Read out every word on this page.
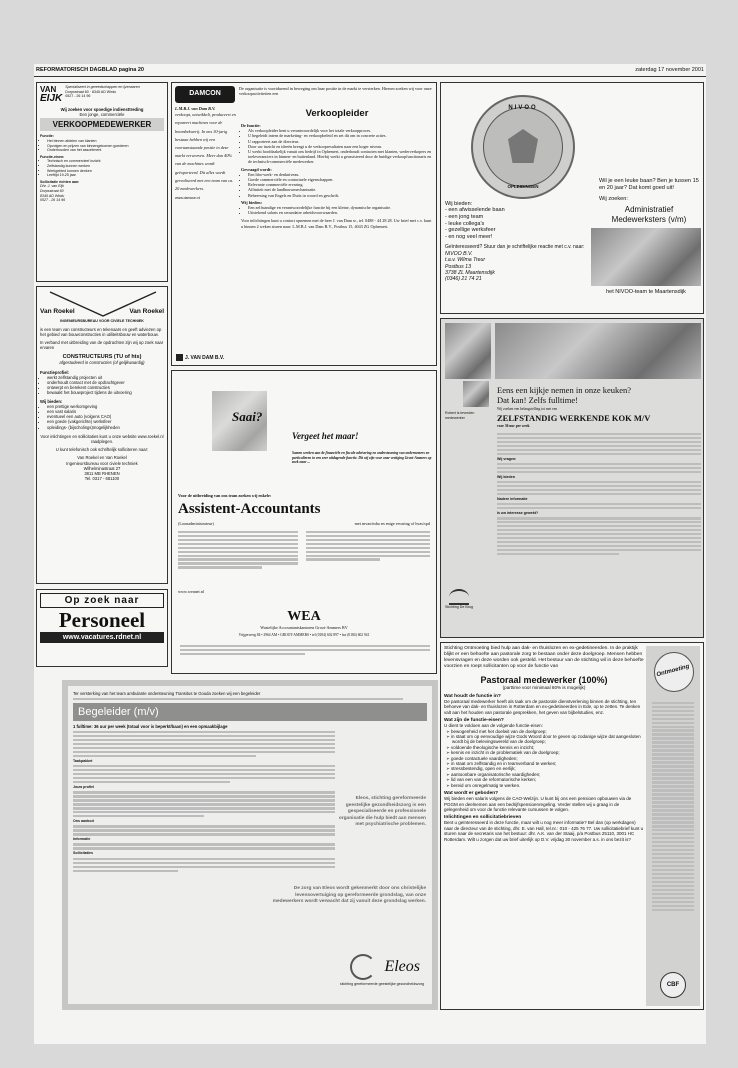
REFORMATORISCH DAGBLAD pagina 20	zaterdag 17 november 2001
VAN
EIJK
Specialiseert in gereedschappen en ijzerwaren
Dorpsstraat 60 · 8345 AD Wirdu
0527 - 26 14 96
Wij zoeken voor spoedige indiensttreding
Een jonge, commerciële
VERKOOPMEDEWERKER
Functie:
• Het binnen afdelen van klanten
• Opvolgen en prijzen van binnengekomen goederen
• Onderhouden van het assortiment
Functie-eisen:
• Technisch en commercieel inzicht
• Zelfstandig kunnen werken
• Werkgebied kunnen denken
• Leeftijd 19-25 jaar
Sollicitatie richten aan:
Dhr. J. van Eijk
Dorpsstraat 60
8345 AD Wirdu
0527 - 26 14 96
DAMCON
De organisatie is voortdurend in beweging om haar positie in de markt te versterken. Hierom zoeken wij voor onze verkoopactiviteiten een
L.M.B.J. van Dam B.V.
verkoopt, ontwikkelt, produceert en repareert machines voor de boombekwerij. In ons 30-jarig bestaan hebben wij een vooraanstaande positie in deze markt verworven. Meer dan 40% van de machines wordt geëxporteerd. Dit alles wordt gerealiseerd met een team van ca. 20 medewerkers.
www.damcon.nl
Verkoopleider
De functie:
• Als verkoopleider bent u verantwoordelijk voor het totale verkoopproces.
• U begeleidt intern de marketing- en verkoopbeleid en zet dit om in concrete acties.
• U rapporteert aan de directeur.
• Door uw inzicht en ideeën brengt u de verkoopresultaten naar een hoger niveau.
• U werkt hoofdzakelijk vanuit ons bedrijf in Ophemert, onderhoudt contacten met klanten, wederverkopers en toeleveranciers in binnen- en buitenland. Hierbij werkt u geassisteerd door de huidige verkoopfunctionaris en de technisch-commerciële medewerker.
Gevraagd wordt:
• Een hbo-werk- en denkniveau.
• Goede commerciële en contactuele eigenschappen.
• Relevante commerciële ervaring.
• Affiniteit met de landbouwmechanisatie.
• Beheersing van Engels en Duits in woord en geschrift.
Wij bieden:
• Een zelfstandige en verantwoordelijke functie bij een kleine, dynamische organisatie.
• Uitstekend salaris en secundaire arbeidsvoorwaarden.
Voor inlichtingen kunt u contact opnemen met de heer J. van Dam sr., tel. 0488 - 44 28 28. Uw brief met c.v. kunt u binnen 2 weken sturen naar: L.M.B.J. van Dam B.V., Postbus 15, 4043 ZG Ophemert.
J. VAN DAM B.V.
NIVOO
OPLEIDINGEN
Wij bieden:
- een afwisselende baan
- een jong team
- leuke collega's
- gezellige werksfeer
- en nog veel meer!
Geïnteresseerd? Stuur dan je schriftelijke reactie met c.v. naar:
NIVOO B.V.
t.a.v. Wilma Treur
Postbus 13
3738 ZL Maartensdijk
(0346) 21 74 21
Wil je een leuke baan? Ben je tussen 15 en 20 jaar? Dat komt goed uit!
Wij zoeken:
Administratief Medewerksters (v/m)
het NIVOO-team te Maartensdijk
Van Roekel	Van Roekel
INGENIEURSBUREAU VOOR CIVIELE TECHNIEK
is een team van constructeurs en tekenaars en geeft adviezen op het gebied van bouwconstructies in utiliteitsbouw en waterbouw.
In verband met uitbreiding van de opdrachten zijn wij op zoek naar ervaren
CONSTRUCTEURS (TU of hts)
afgestudeerd in constructies (of gelijkwaardig)
Functieprofiel:
• werkt zelfstandig projecten uit
• onderhoudt contact met de opdrachtgever
• ontwerpt en berekent constructies
• bewaakt het bouwproject tijdens de uitvoering
Wij bieden:
• een prettige werkomgeving
• een vast salaris
• eventueel een auto (volgens CAO)
• een goede (vakgerichte) werksfeer
• opleidings- (bijscholings)mogelijkheden
Voor inlichtingen en sollicitaties kunt u onze website www.roekel.nl raadplegen.
U kunt telefonisch ook schriftelijk solliciteren naar:
Van Roekel en Van Roekel
Ingenieursbureau voor civiele techniek
Wilhelminastraat 27
3811 MB RHENEN
Tel. 0317 - 681100
Op zoek naar
Personeel
www.vacatures.rdnet.nl
Saai?
Vergeet het maar!
Samen werken aan de financiële en fiscale advisering en ondersteuning van ondernemers en particulieren in een zeer uitdagende functie. Dit wij zijn voor onze vestiging Groot-Ammers op zoek naar ...
Voor de uitbreiding van ons team zoeken wij enkele:
Assistent-Accountants
(Loonadministrateur)	met mvao/mba en enige ervaring of hvas/spd
www.weanet.nl
WEA
Wastelijke Accountantskantoren Groot-Ammers BV
Vrijgerwerg 84 • 2964 AM • GROOT-AMMERS • tel (0184) 602 897 • fax (0184) 602 941
Robert is tevreden medewerker
Eens een kijkje nemen in onze keuken?
Dat kan! Zelfs fulltime!
Wij zoeken een belangstelling tot met een
ZELFSTANDIG WERKENDE KOK M/V
voor 36 uur per week
Wij vragen:
Wij bieden
Nadere informatie
Is uw interesse gewekt?
Stichting De Brug
Ter versterking van het team ambulante ondersteuning Transitus te Gouda zoeken wij een begeleider
Begeleider (m/v)
1 fulltime: 36 uur per week (totaal voor is beperkt/baan) en een opmaakbijlage
Taakpakket
Jouw profiel
Ons aanbod
Informatie
Sollicitaties
Eleos, stichting gereformeerde geestelijke gezondheidszorg is een gespecialiseerde en professionele organisatie die hulp biedt aan mensen met psychiatrische problemen.
De zorg van Eleos wordt gekenmerkt door ons christelijke levensovertuiging op gereformeerde grondslag, van onze medewerkers wordt verwacht dat zij vanuit deze grondslag werken.
Eleos
stichting gereformeerde geestelijke gezondheidszorg
Stichting Ontmoeting bied hulp aan dak- en thuislozen en ex-gedetineerden. In de praktijk blijkt er een behoefte aan pastorale zorg te bestaan onder deze doelgroep. Mensen hebben levensvragen en deze worden ook gesteld. Het bestuur van de stichting wil in deze behoefte voorzien en roept sollicitanten op voor de functie van
Pastoraal medewerker (100%)
(parttime voor minimaal 60% is mogelijk)
Wat houdt de functie in?
De pastoraal medewerker heeft als taak om de pastorale dienstverlening binnen de stichting, ten behoeve van dak- en thuislozen in Rotterdam en ex-gedetineerden in Ede, op te zetten. Te denken valt aan het houden van pastorale gesprekken, het geven van bijbelstudies, enz.
Wat zijn de functie-eisen?
U dient te voldoen aan de volgende functie-eisen:
➢ bewogenheid met het doelwit van de doelgroep;
➢ in staat om op eenvoudige wijze Gods Woord door te geven op zodanige wijze dat aangesloten wordt bij de belevingswereld van de doelgroep;
➢ voldoende theologische kennis en inzicht;
➢ kennis en inzicht in de problematiek van de doelgroep;
➢ goede contactuele vaardigheden;
➢ in staat om zelfstandig en in teamverband te werken;
➢ stressbestendig, open en eerlijk;
➢ aantoonbare organisatorische vaardigheden;
➢ lid van een van de reformatorische kerken;
➢ bereid om onregelmatig te werken.
Wat wordt er geboden?
Wij bieden een salaris volgens de CAO-Welzijn. U kunt bij ons een pensioen opbouwen via de PGGM en deelnemen aan een bedrijfspensioenregeling. Verder stellen wij u graag in de gelegenheid om voor de functie relevante cursussen te volgen.
Inlichtingen en sollicitatiebrieven
Bent u geïnteresseerd in deze functie, maar wilt u nog meer informatie? Bel dan (op werkdagen) naar de directeur van de stichting, dhr. E. van Hall, tel.nr.: 010 - 425 76 77. Uw sollicitatiebrief kunt u sturen naar de secretaris van het bestuur: dhr. A.K. van der Staaij, p/a Postbus 25110, 3001 HC Rotterdam. Wilt u zorgen dat uw brief uiterlijk op D.V. vrijdag 30 november a.s. in ons bezit is?
Ontmoeting
CBF
